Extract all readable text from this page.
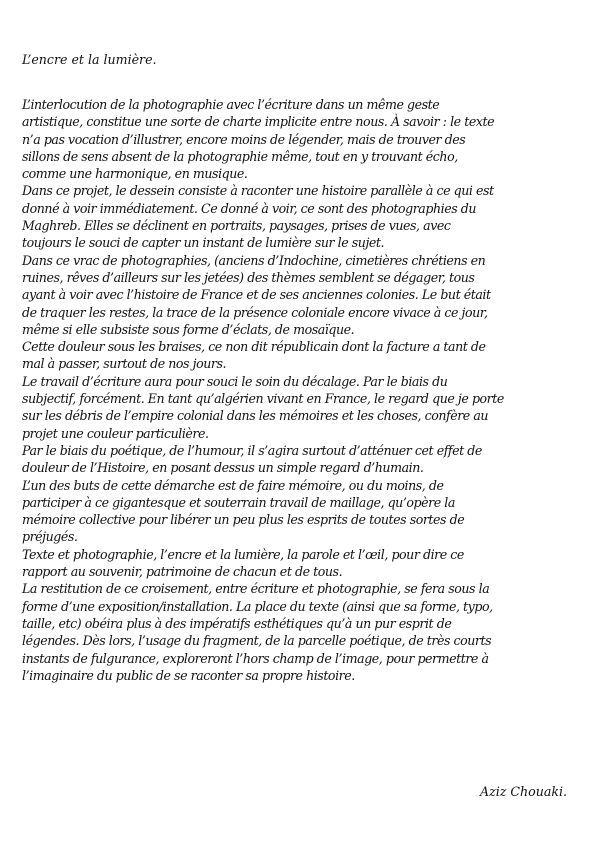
L’encre et la lumière.
L’interlocution de la photographie avec l’écriture dans un même geste
artistique, constitue une sorte de charte implicite entre nous. À savoir : le texte
n’a pas vocation d’illustrer, encore moins de légender, mais de trouver des
sillons de sens absent de la photographie même, tout en y trouvant écho,
comme une harmonique, en musique.
Dans ce projet, le dessein consiste à raconter une histoire parallèle à ce qui est
donné à voir immédiatement. Ce donné à voir, ce sont des photographies du
Maghreb. Elles se déclinent en portraits, paysages, prises de vues, avec
toujours le souci de capter un instant de lumière sur le sujet.
Dans ce vrac de photographies, (anciens d’Indochine, cimetières chrétiens en
ruines, rêves d’ailleurs sur les jetées) des thèmes semblent se dégager, tous
ayant à voir avec l’histoire de France et de ses anciennes colonies. Le but était
de traquer les restes, la trace de la présence coloniale encore vivace à ce jour,
même si elle subsiste sous forme d’éclats, de mosaïque.
Cette douleur sous les braises, ce non dit républicain dont la facture a tant de
mal à passer, surtout de nos jours.
Le travail d’écriture aura pour souci le soin du décalage. Par le biais du
subjectif, forcément. En tant qu’algérien vivant en France, le regard que je porte
sur les débris de l’empire colonial dans les mémoires et les choses, confère au
projet une couleur particulière.
Par le biais du poétique, de l’humour, il s’agira surtout d’atténuer cet effet de
douleur de l’Histoire, en posant dessus un simple regard d’humain.
L’un des buts de cette démarche est de faire mémoire, ou du moins, de
participer à ce gigantesque et souterrain travail de maillage, qu’opère la
mémoire collective pour libérer un peu plus les esprits de toutes sortes de
préjugés.
Texte et photographie, l’encre et la lumière, la parole et l’œil, pour dire ce
rapport au souvenir, patrimoine de chacun et de tous.
La restitution de ce croisement, entre écriture et photographie, se fera sous la
forme d’une exposition/installation. La place du texte (ainsi que sa forme, typo,
taille, etc) obéira plus à des impératifs esthétiques qu’à un pur esprit de
légendes. Dès lors, l’usage du fragment, de la parcelle poétique, de très courts
instants de fulgurance, exploreront l’hors champ de l’image, pour permettre à
l’imaginaire du public de se raconter sa propre histoire.
Aziz Chouaki.
